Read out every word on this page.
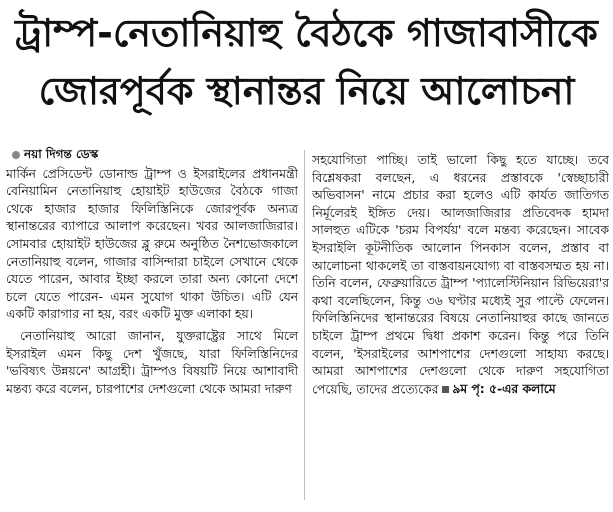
ট্রাম্প-নেতানিয়াহু বৈঠকে গাজাবাসীকে
জোরপূর্বক স্থানান্তর নিয়ে আলোচনা
নয়া দিগন্ত ডেস্ক

মার্কিন প্রেসিডেন্ট ডোনাল্ড ট্রাম্প ও ইসরাইলের প্রধানমন্ত্রী বেনিয়ামিন নেতানিয়াহু হোয়াইট হাউজের বৈঠকে গাজা থেকে হাজার হাজার ফিলিস্তিনিকে জোরপূর্বক অন্যত্র স্থানান্তরের ব্যাপারে আলাপ করেছেন। খবর আলজাজিরার। সোমবার হোয়াইট হাউজের ব্লু রুমে অনুষ্ঠিত নৈশভোজকালে নেতানিয়াহু বলেন, গাজার বাসিন্দারা চাইলে সেখানে থেকে যেতে পারেন, আবার ইচ্ছা করলে তারা অন্য কোনো দেশে চলে যেতে পারেন- এমন সুযোগ থাকা উচিত। এটি যেন একটি কারাগার না হয়, বরং একটি মুক্ত এলাকা হয়।

নেতানিয়াহু আরো জানান, যুক্তরাষ্ট্রের সাথে মিলে ইসরাইল এমন কিছু দেশ খুঁজছে, যারা ফিলিস্তিনিদের 'ভবিষ্যৎ উন্নয়নে' আগ্রহী। ট্রাম্পও বিষয়টি নিয়ে আশাবাদী মন্তব্য করে বলেন, চারপাশের দেশগুলো থেকে আমরা দারুণ

সহযোগিতা পাচ্ছি। তাই ভালো কিছু হতে যাচ্ছে। তবে বিশ্লেষকরা বলছেন, এ ধরনের প্রস্তাবকে 'স্বেচ্ছাচারী অভিবাসন' নামে প্রচার করা হলেও এটি কার্যত জাতিগত নির্মূলেরই ইঙ্গিত দেয়। আলজাজিরার প্রতিবেদক হামদা সালহুত এটিকে 'চরম বিপর্যয়' বলে মন্তব্য করেছেন। সাবেক ইসরাইলি কূটনীতিক আলোন পিনকাস বলেন, প্রস্তাব বা আলোচনা থাকলেই তা বাস্তবায়নযোগ্য বা বাস্তবসম্মত হয় না। তিনি বলেন, ফেব্রুয়ারিতে ট্রাম্প 'প্যালেস্টিনিয়ান রিভিয়েরা'র কথা বলেছিলেন, কিন্তু ৩৬ ঘণ্টার মধ্যেই সুর পাল্টে ফেলেন। ফিলিস্তিনিদের স্থানান্তরের বিষয়ে নেতানিয়াহুর কাছে জানতে চাইলে ট্রাম্প প্রথমে দ্বিধা প্রকাশ করেন। কিন্তু পরে তিনি বলেন, 'ইসরাইলের আশপাশের দেশগুলো সাহায্য করছে। আমরা আশপাশের দেশগুলো থেকে দারুণ সহযোগিতা পেয়েছি, তাদের প্রত্যেকের ৯ম পৃ: ৫-এর কলামে
